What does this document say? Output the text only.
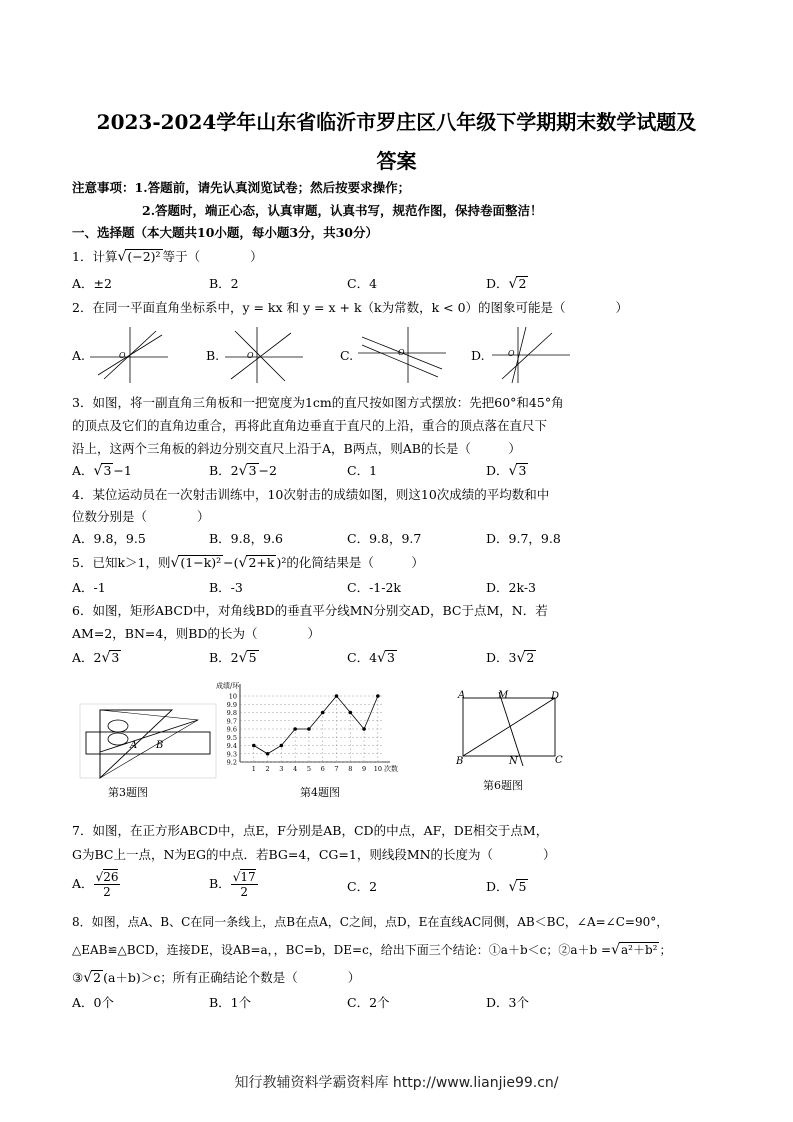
2023-2024学年山东省临沂市罗庄区八年级下学期期末数学试题及
答案
注意事项：1.答题前，请先认真浏览试卷；然后按要求操作；
2.答题时，端正心态，认真审题，认真书写，规范作图，保持卷面整洁！
一、选择题（本大题共10小题，每小题3分，共30分）
1．计算√(−2)² 等于（　　　　）
A．±2	B．2	C．4	D．√2
2．在同一平面直角坐标系中，y = kx 和 y = x + k（k为常数，k < 0）的图象可能是（　　　　）
A.	B.	C.	D.
O	O	O	O
3．如图，将一副直角三角板和一把宽度为1cm的直尺按如图方式摆放：先把60°和45°角
的顶点及它们的直角边重合，再将此直角边垂直于直尺的上沿，重合的顶点落在直尺下
沿上，这两个三角板的斜边分别交直尺上沿于A，B两点，则AB的长是（　　　）
A．√3 −1	B．2√3 −2	C．1	D．√3
4．某位运动员在一次射击训练中，10次射击的成绩如图，则这10次成绩的平均数和中
位数分别是（　　　　）
A．9.8，9.5	B．9.8，9.6	C．9.8，9.7	D．9.7，9.8
5．已知k＞1，则√(1−k)² −(√2+k )²的化简结果是（　　　）
A．-1	B．-3	C．-1-2k	D．2k-3
6．如图，矩形ABCD中，对角线BD的垂直平分线MN分别交AD，BC于点M，N．若
AM=2，BN=4，则BD的长为（　　　　）
A．2√3	B．2√5	C．4√3	D．3√2
A B
第3题图
9.2
9.3
9.4
9.5
9.6
9.7
9.8
9.9
10
1 2 3 4 5 6 7 8 9 10
成绩/环
次数
第4题图
A	M	D
B	N	C
第6题图
7．如图，在正方形ABCD中，点E，F分别是AB，CD的中点，AF，DE相交于点M，
G为BC上一点，N为EG的中点．若BG=4，CG=1，则线段MN的长度为（　　　　）
A． $\frac{√26}{2}$	B． $\frac{√17}{2}$	C．2	D．√5
8．如图，点A、B、C在同一条线上，点B在点A，C之间，点D，E在直线AC同侧，AB＜BC，∠A=∠C=90°，
△EAB≌△BCD，连接DE，设AB=a，，BC=b，DE=c，给出下面三个结论：①a＋b＜c；②a＋b =√a²＋b² ；
③√2 (a＋b)＞c；所有正确结论个数是（　　　　）
A．0个	B．1个	C．2个	D．3个
知行教辅资料学霸资料库 http://www.lianjie99.cn/
